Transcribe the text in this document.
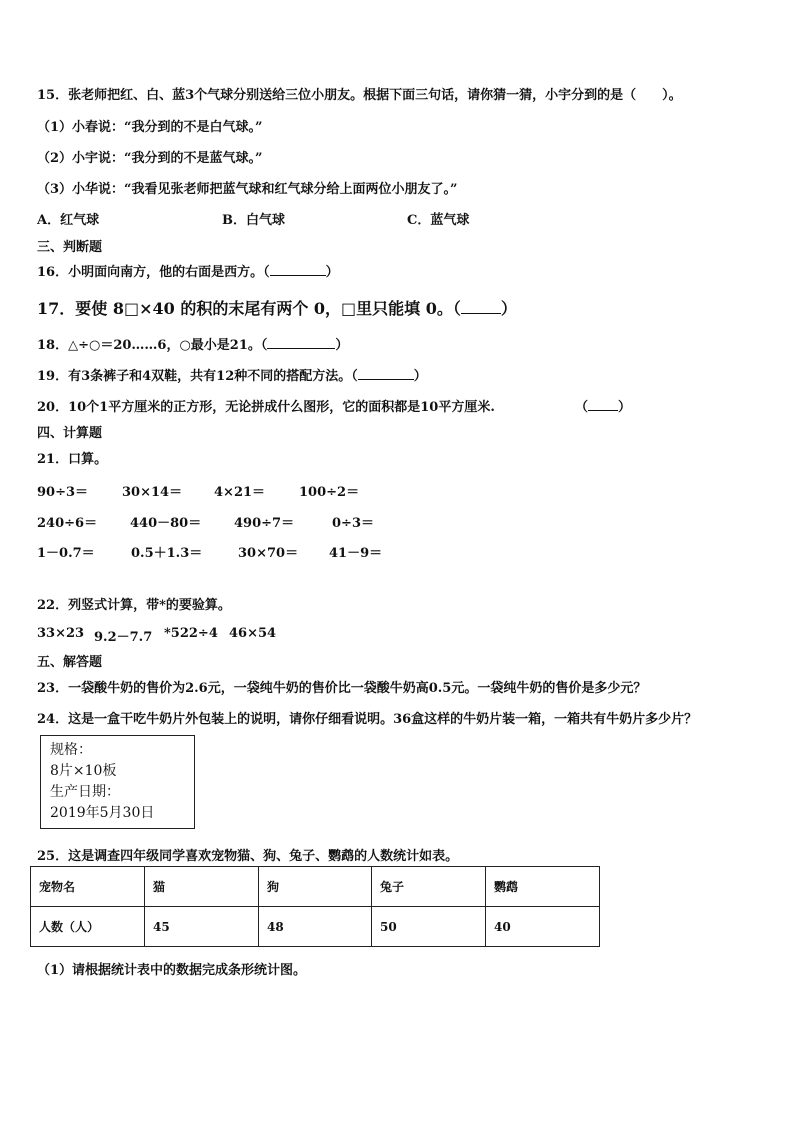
15．张老师把红、白、蓝3个气球分别送给三位小朋友。根据下面三句话，请你猜一猜，小宇分到的是（　　）。
（1）小春说：“我分到的不是白气球。”
（2）小宇说：“我分到的不是蓝气球。”
（3）小华说：“我看见张老师把蓝气球和红气球分给上面两位小朋友了。”
A．红气球	B．白气球	C．蓝气球
三、判断题
16．小明面向南方，他的右面是西方。（	）
17．要使 8□×40 的积的末尾有两个 0，□里只能填 0。（	）
18．△÷○＝20……6，○最小是21。（	）
19．有3条裤子和4双鞋，共有12种不同的搭配方法。（	）
20．10个1平方厘米的正方形，无论拼成什么图形，它的面积都是10平方厘米.	（ ）
四、计算题
21．口算。
90÷3＝	30×14＝ 4×21＝	100÷2＝
240÷6＝	440－80＝	490÷7＝	0÷3＝
1－0.7＝	0.5＋1.3＝	30×70＝ 41－9＝
22．列竖式计算，带*的要验算。
33×23 9.2－7.7 *522÷4 46×54
五、解答题
23．一袋酸牛奶的售价为2.6元，一袋纯牛奶的售价比一袋酸牛奶高0.5元。一袋纯牛奶的售价是多少元？
24．这是一盒干吃牛奶片外包装上的说明，请你仔细看说明。36盒这样的牛奶片装一箱，一箱共有牛奶片多少片？
规格：
8片×10板
生产日期：
2019年5月30日
25．这是调查四年级同学喜欢宠物猫、狗、兔子、鹦鹉的人数统计如表。
宠物名	猫	狗	兔子	鹦鹉
人数（人）	45	48	50	40
（1）请根据统计表中的数据完成条形统计图。
